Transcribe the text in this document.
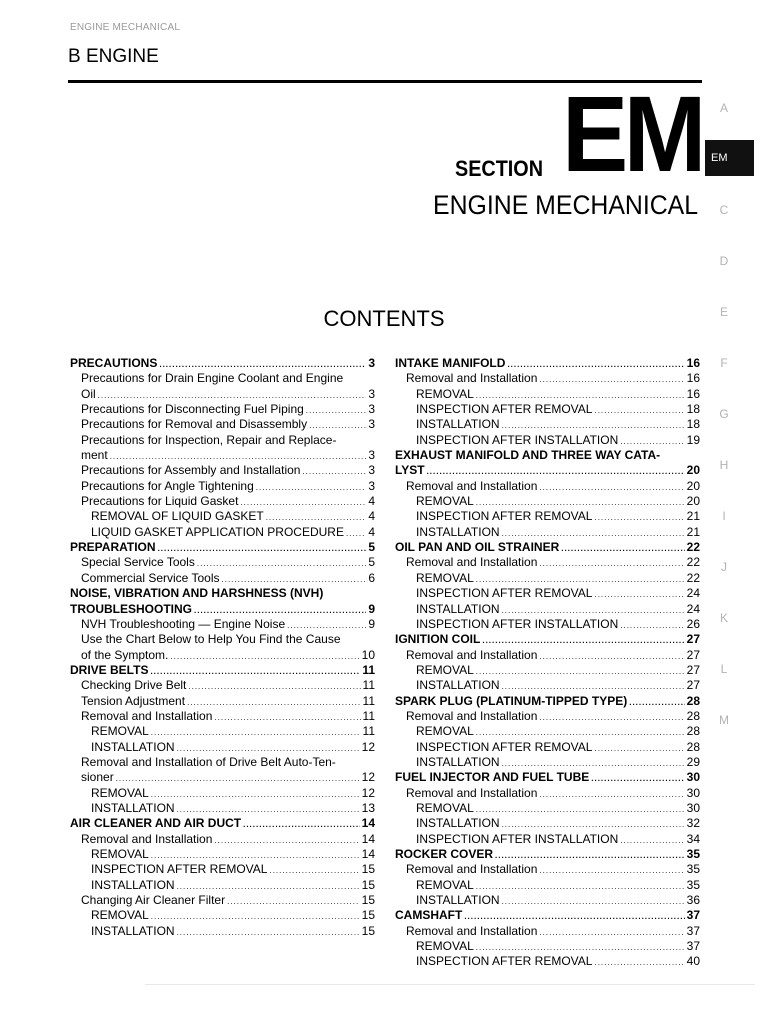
ENGINE MECHANICAL
B ENGINE
SECTION EM
ENGINE MECHANICAL
CONTENTS
A
EM
C
D
E
F
G
H
I
J
K
L
M
PRECAUTIONS .....	3
Precautions for Drain Engine Coolant and Engine
Oil .....	3
Precautions for Disconnecting Fuel Piping .....	3
Precautions for Removal and Disassembly .....	3
Precautions for Inspection, Repair and Replace-
ment .....	3
Precautions for Assembly and Installation .....	3
Precautions for Angle Tightening .....	3
Precautions for Liquid Gasket .....	4
REMOVAL OF LIQUID GASKET .....	4
LIQUID GASKET APPLICATION PROCEDURE ..... 4
PREPARATION .....	5
Special Service Tools .....	5
Commercial Service Tools .....	6
NOISE, VIBRATION AND HARSHNESS (NVH)
TROUBLESHOOTING .....	9
NVH Troubleshooting — Engine Noise .....	9
Use the Chart Below to Help You Find the Cause
of the Symptom. .....	10
DRIVE BELTS .....	11
Checking Drive Belt .....	11
Tension Adjustment .....	11
Removal and Installation .....	11
REMOVAL .....	11
INSTALLATION .....	12
Removal and Installation of Drive Belt Auto-Ten-
sioner .....	12
REMOVAL .....	12
INSTALLATION .....	13
AIR CLEANER AND AIR DUCT .....	14
Removal and Installation .....	14
REMOVAL .....	14
INSPECTION AFTER REMOVAL .....	15
INSTALLATION .....	15
Changing Air Cleaner Filter .....	15
REMOVAL .....	15
INSTALLATION .....	15
INTAKE MANIFOLD .....	16
Removal and Installation .....	16
REMOVAL .....	16
INSPECTION AFTER REMOVAL .....	18
INSTALLATION .....	18
INSPECTION AFTER INSTALLATION .....	19
EXHAUST MANIFOLD AND THREE WAY CATA-
LYST .....	20
Removal and Installation .....	20
REMOVAL .....	20
INSPECTION AFTER REMOVAL .....	21
INSTALLATION .....	21
OIL PAN AND OIL STRAINER .....	22
Removal and Installation .....	22
REMOVAL .....	22
INSPECTION AFTER REMOVAL .....	24
INSTALLATION .....	24
INSPECTION AFTER INSTALLATION .....	26
IGNITION COIL .....	27
Removal and Installation .....	27
REMOVAL .....	27
INSTALLATION .....	27
SPARK PLUG (PLATINUM-TIPPED TYPE) .....	28
Removal and Installation .....	28
REMOVAL .....	28
INSPECTION AFTER REMOVAL .....	28
INSTALLATION .....	29
FUEL INJECTOR AND FUEL TUBE .....	30
Removal and Installation .....	30
REMOVAL .....	30
INSTALLATION .....	32
INSPECTION AFTER INSTALLATION .....	34
ROCKER COVER .....	35
Removal and Installation .....	35
REMOVAL .....	35
INSTALLATION .....	36
CAMSHAFT .....	37
Removal and Installation .....	37
REMOVAL .....	37
INSPECTION AFTER REMOVAL .....	40
